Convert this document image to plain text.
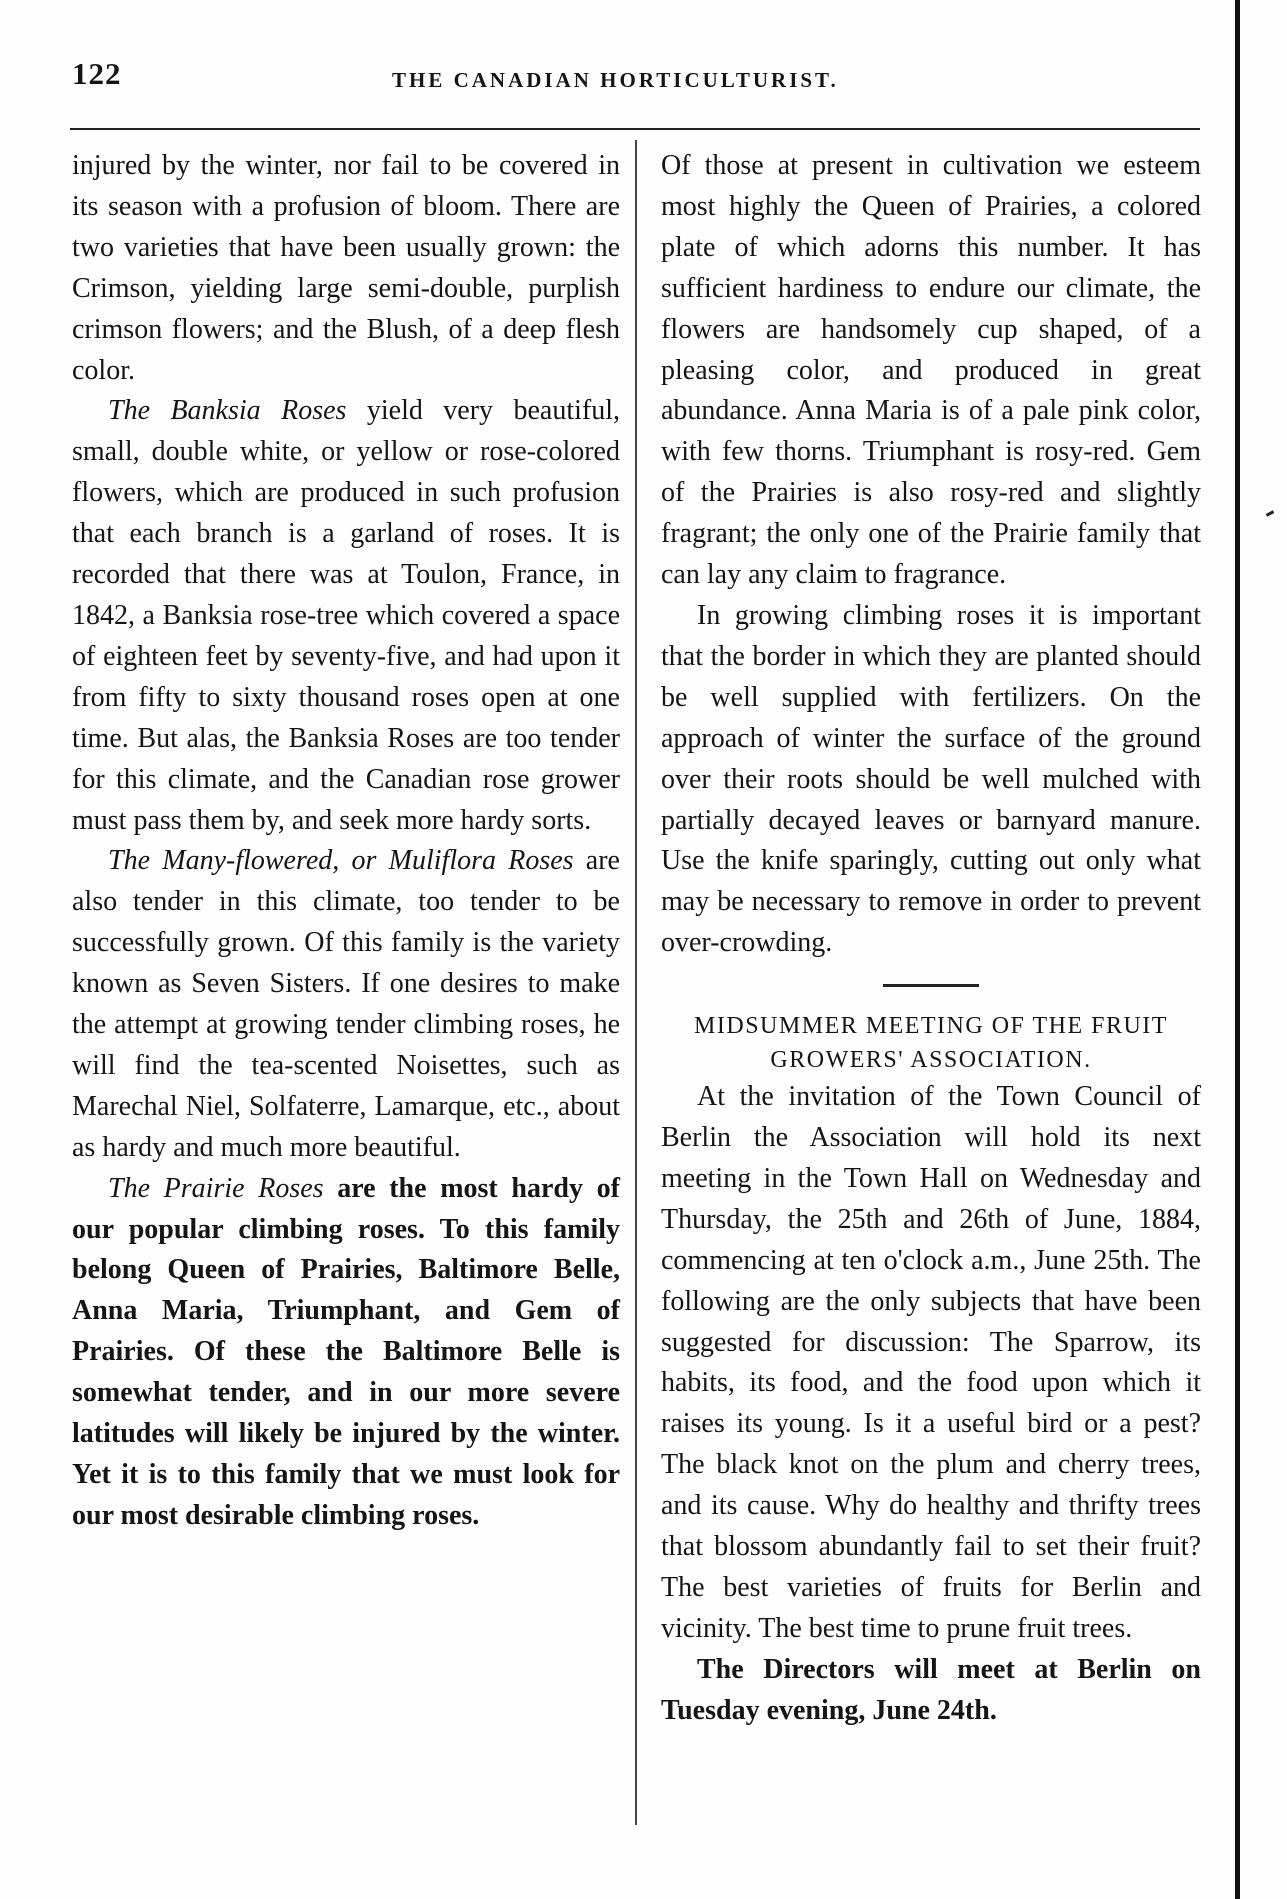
122	THE CANADIAN HORTICULTURIST.

injured by the winter, nor fail to be covered in its season with a profusion of bloom. There are two varieties that have been usually grown: the Crimson, yielding large semi-double, purplish crimson flowers; and the Blush, of a deep flesh color.

The Banksia Roses yield very beautiful, small, double white, or yellow or rose-colored flowers, which are produced in such profusion that each branch is a garland of roses. It is recorded that there was at Toulon, France, in 1842, a Banksia rose-tree which covered a space of eighteen feet by seventy-five, and had upon it from fifty to sixty thousand roses open at one time. But alas, the Banksia Roses are too tender for this climate, and the Canadian rose grower must pass them by, and seek more hardy sorts.

The Many-flowered, or Muliflora Roses are also tender in this climate, too tender to be successfully grown. Of this family is the variety known as Seven Sisters. If one desires to make the attempt at growing tender climbing roses, he will find the tea-scented Noisettes, such as Marechal Niel, Solfaterre, Lamarque, etc., about as hardy and much more beautiful.

The Prairie Roses are the most hardy of our popular climbing roses. To this family belong Queen of Prairies, Baltimore Belle, Anna Maria, Triumphant, and Gem of Prairies. Of these the Baltimore Belle is somewhat tender, and in our more severe latitudes will likely be injured by the winter. Yet it is to this family that we must look for our most desirable climbing roses.

Of those at present in cultivation we esteem most highly the Queen of Prairies, a colored plate of which adorns this number. It has sufficient hardiness to endure our climate, the flowers are handsomely cup shaped, of a pleasing color, and produced in great abundance. Anna Maria is of a pale pink color, with few thorns. Triumphant is rosy-red. Gem of the Prairies is also rosy-red and slightly fragrant; the only one of the Prairie family that can lay any claim to fragrance.

In growing climbing roses it is important that the border in which they are planted should be well supplied with fertilizers. On the approach of winter the surface of the ground over their roots should be well mulched with partially decayed leaves or barnyard manure. Use the knife sparingly, cutting out only what may be necessary to remove in order to prevent over-crowding.

MIDSUMMER MEETING OF THE FRUIT GROWERS' ASSOCIATION.

At the invitation of the Town Council of Berlin the Association will hold its next meeting in the Town Hall on Wednesday and Thursday, the 25th and 26th of June, 1884, commencing at ten o'clock a.m., June 25th. The following are the only subjects that have been suggested for discussion: The Sparrow, its habits, its food, and the food upon which it raises its young. Is it a useful bird or a pest? The black knot on the plum and cherry trees, and its cause. Why do healthy and thrifty trees that blossom abundantly fail to set their fruit? The best varieties of fruits for Berlin and vicinity. The best time to prune fruit trees.

The Directors will meet at Berlin on Tuesday evening, June 24th.
